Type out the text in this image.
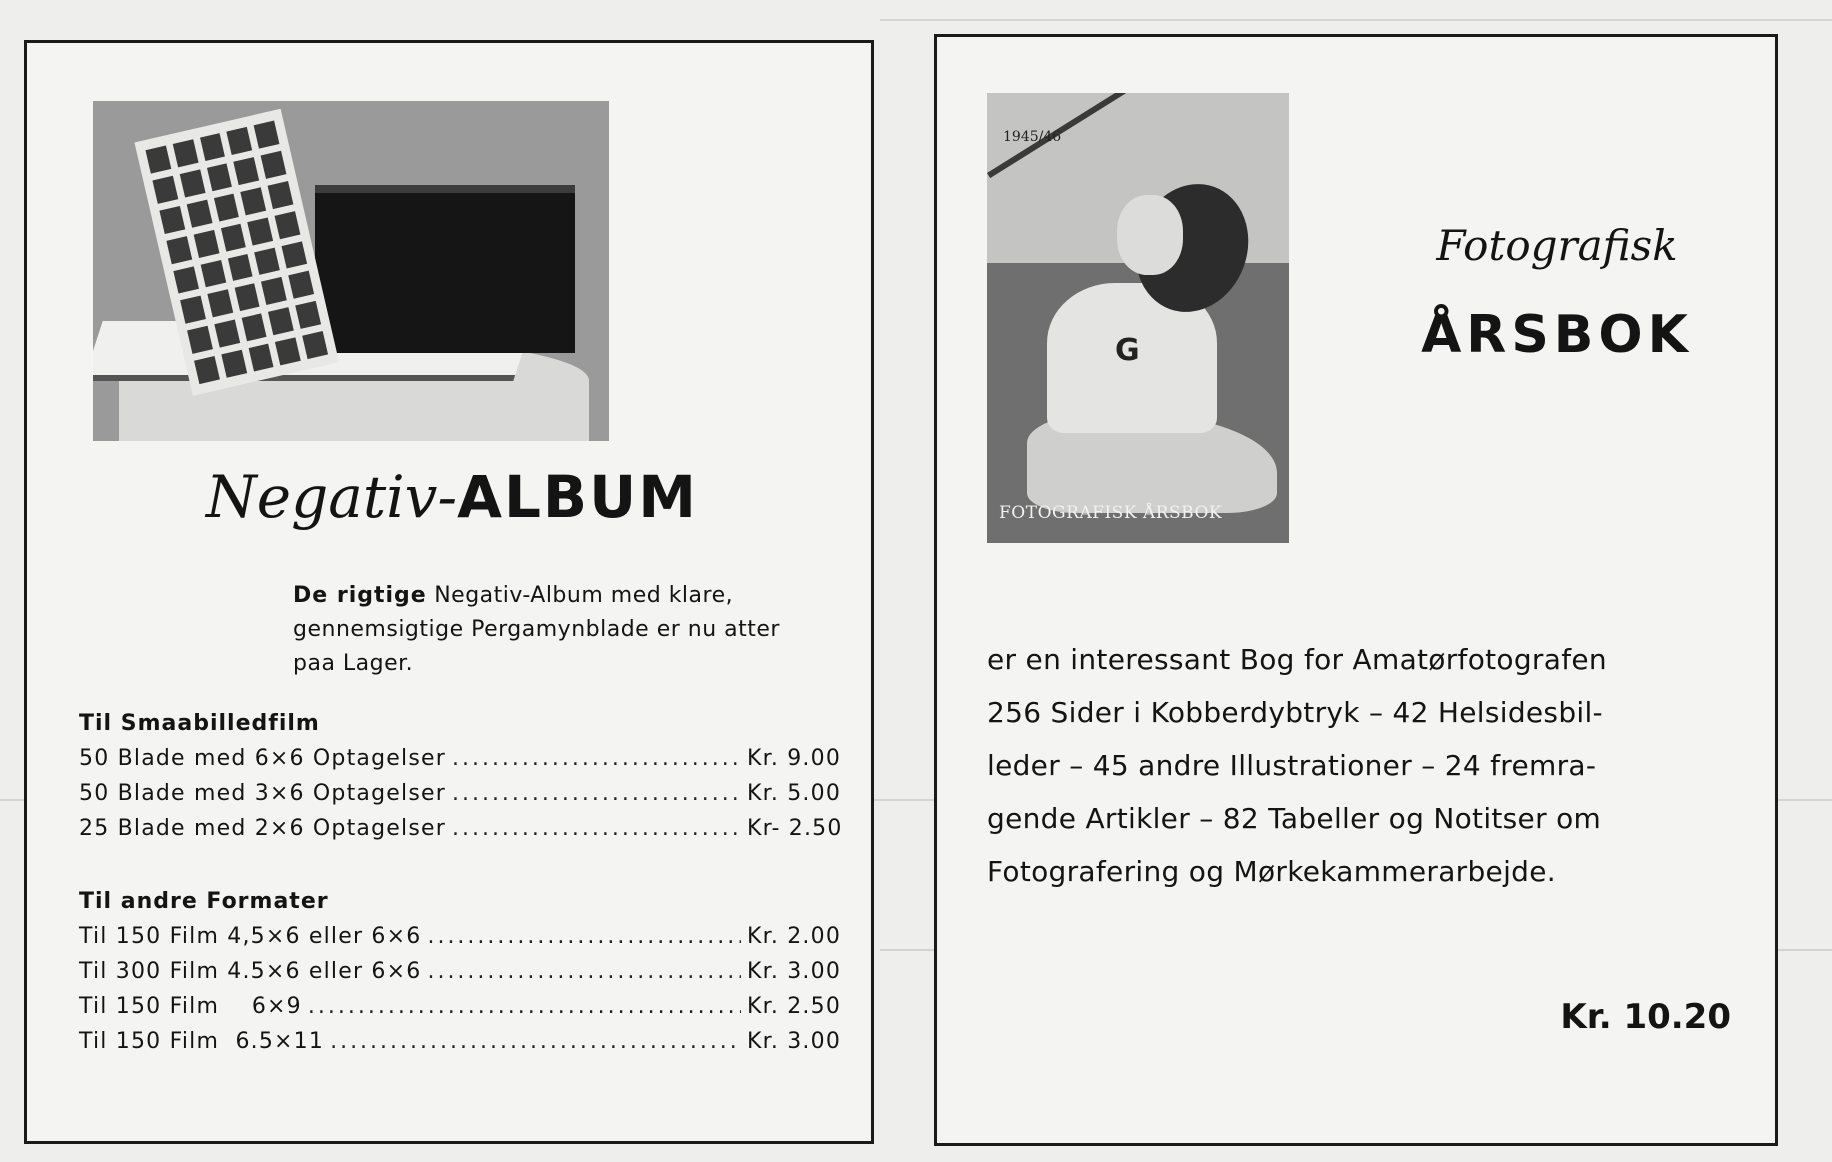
Negativ-ALBUM
De rigtige Negativ-Album med klare,
gennemsigtige Pergamynblade er nu atter
paa Lager.
Til Smaabilledfilm
50 Blade med 6×6 Optagelser .....	Kr. 9.00
50 Blade med 3×6 Optagelser .....	Kr. 5.00
25 Blade med 2×6 Optagelser .....	Kr- 2.50
Til andre Formater
Til 150 Film 4,5×6 eller 6×6 .....	Kr. 2.00
Til 300 Film 4.5×6 eller 6×6 .....	Kr. 3.00
Til 150 Film    6×9 .....	Kr. 2.50
Til 150 Film  6.5×11 .....	Kr. 3.00
G
1945/46
FOTOGRAFISK ÅRSBOK
Fotografisk
ÅRSBOK
er en interessant Bog for Amatørfotografen
256 Sider i Kobberdybtryk – 42 Helsidesbil-
leder – 45 andre Illustrationer – 24 fremra-
gende Artikler – 82 Tabeller og Notitser om
Fotografering og Mørkekammerarbejde.
Kr. 10.20
